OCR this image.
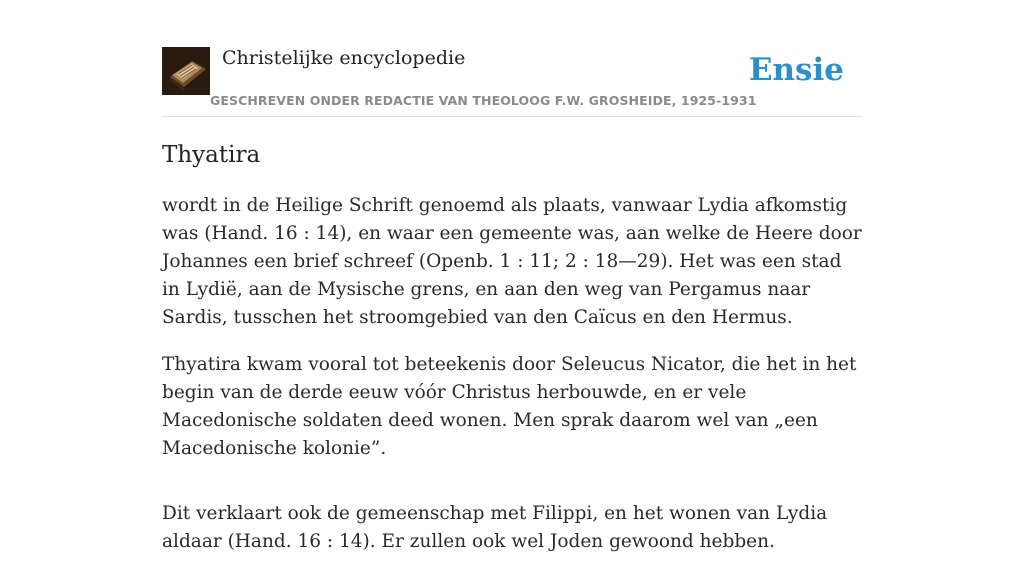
Christelijke encyclopedie
GESCHREVEN ONDER REDACTIE VAN THEOLOOG F.W. GROSHEIDE, 1925-1931
Ensie
Thyatira

wordt in de Heilige Schrift genoemd als plaats, vanwaar Lydia afkomstig was (Hand. 16 : 14), en waar een gemeente was, aan welke de Heere door Johannes een brief schreef (Openb. 1 : 11; 2 : 18—29). Het was een stad in Lydië, aan de Mysische grens, en aan den weg van Pergamus naar Sardis, tusschen het stroomgebied van den Caïcus en den Hermus.

Thyatira kwam vooral tot beteekenis door Seleucus Nicator, die het in het begin van de derde eeuw vóór Christus herbouwde, en er vele Macedonische soldaten deed wonen. Men sprak daarom wel van „een Macedonische kolonie”.

Dit verklaart ook de gemeenschap met Filippi, en het wonen van Lydia aldaar (Hand. 16 : 14). Er zullen ook wel Joden gewoond hebben.
